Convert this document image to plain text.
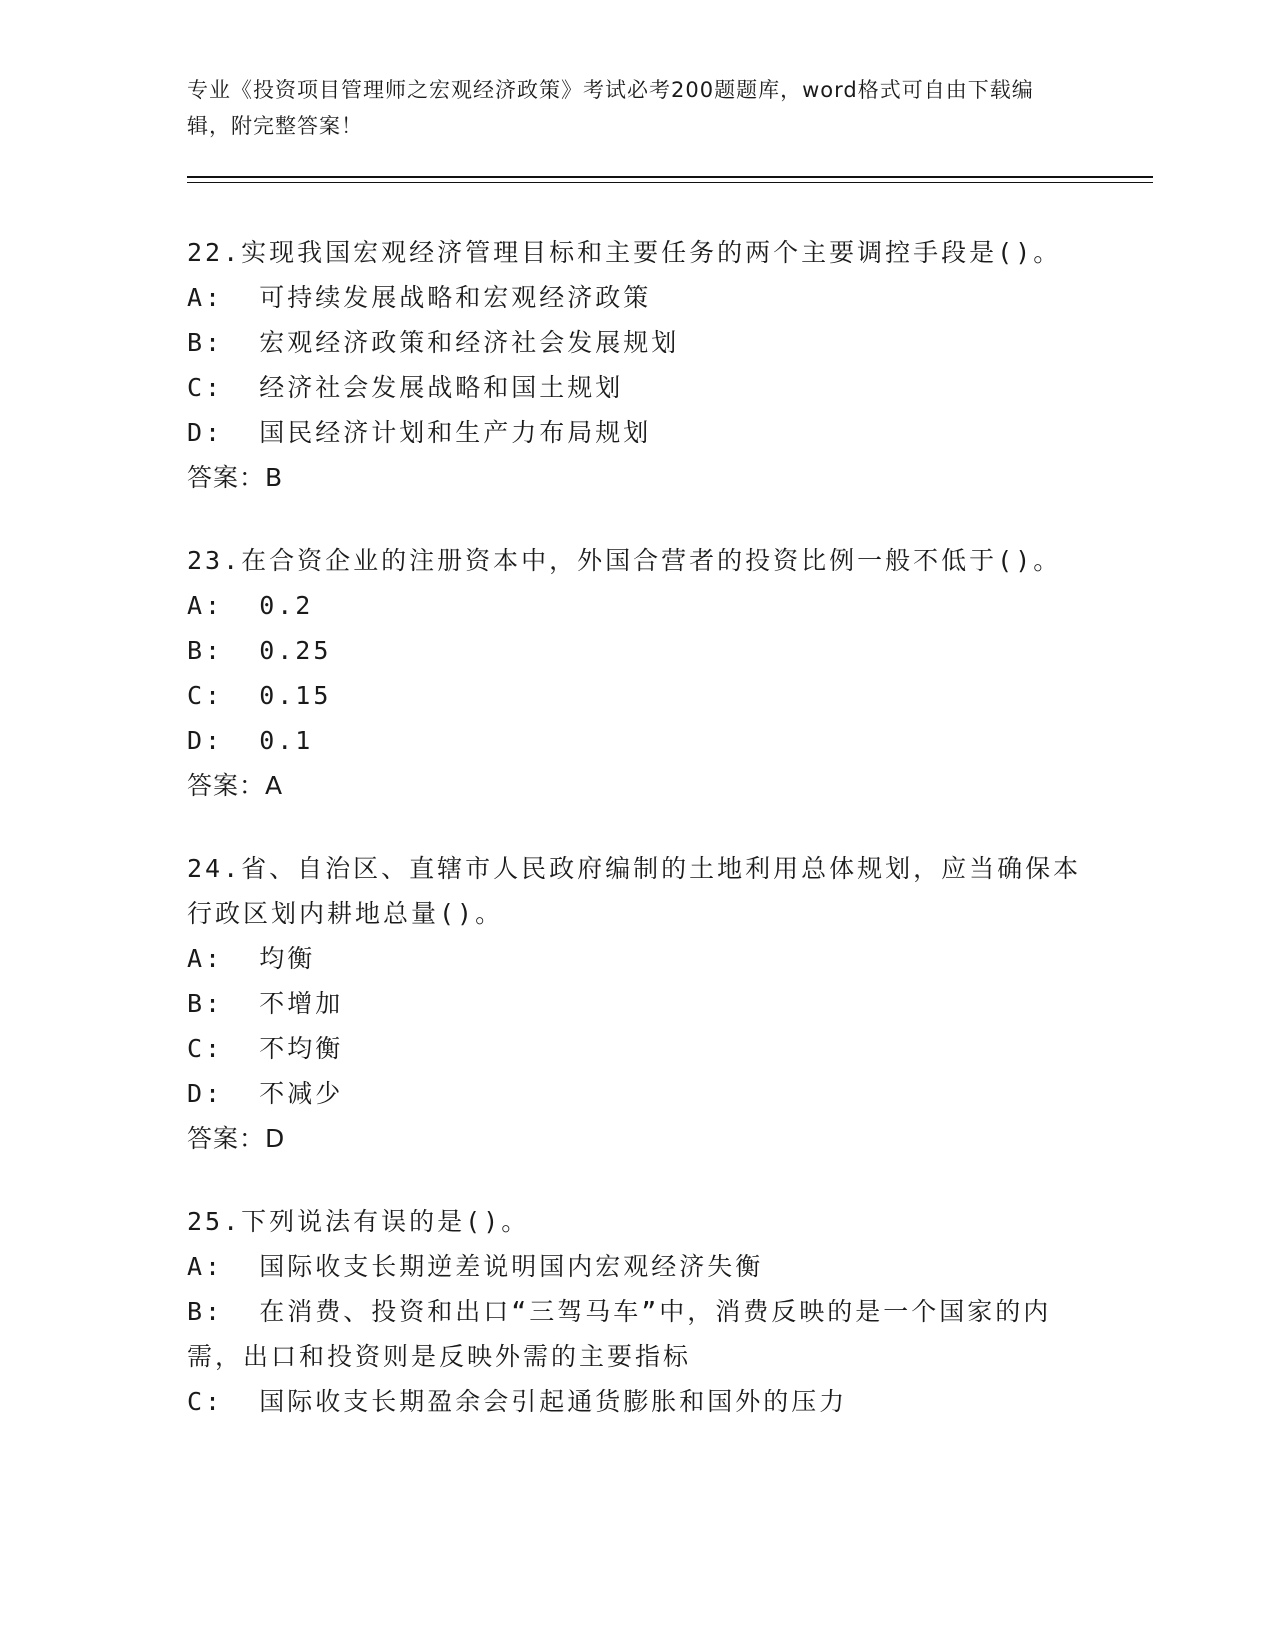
专业《投资项目管理师之宏观经济政策》考试必考200题题库，word格式可自由下载编辑，附完整答案！
22.实现我国宏观经济管理目标和主要任务的两个主要调控手段是()。
A:  可持续发展战略和宏观经济政策
B:  宏观经济政策和经济社会发展规划
C:  经济社会发展战略和国土规划
D:  国民经济计划和生产力布局规划
答案：B
23.在合资企业的注册资本中，外国合营者的投资比例一般不低于()。
A:  0.2
B:  0.25
C:  0.15
D:  0.1
答案：A
24.省、自治区、直辖市人民政府编制的土地利用总体规划，应当确保本行政区划内耕地总量()。
A:  均衡
B:  不增加
C:  不均衡
D:  不减少
答案：D
25.下列说法有误的是()。
A:  国际收支长期逆差说明国内宏观经济失衡
B:  在消费、投资和出口“三驾马车”中，消费反映的是一个国家的内需，出口和投资则是反映外需的主要指标
C:  国际收支长期盈余会引起通货膨胀和国外的压力
